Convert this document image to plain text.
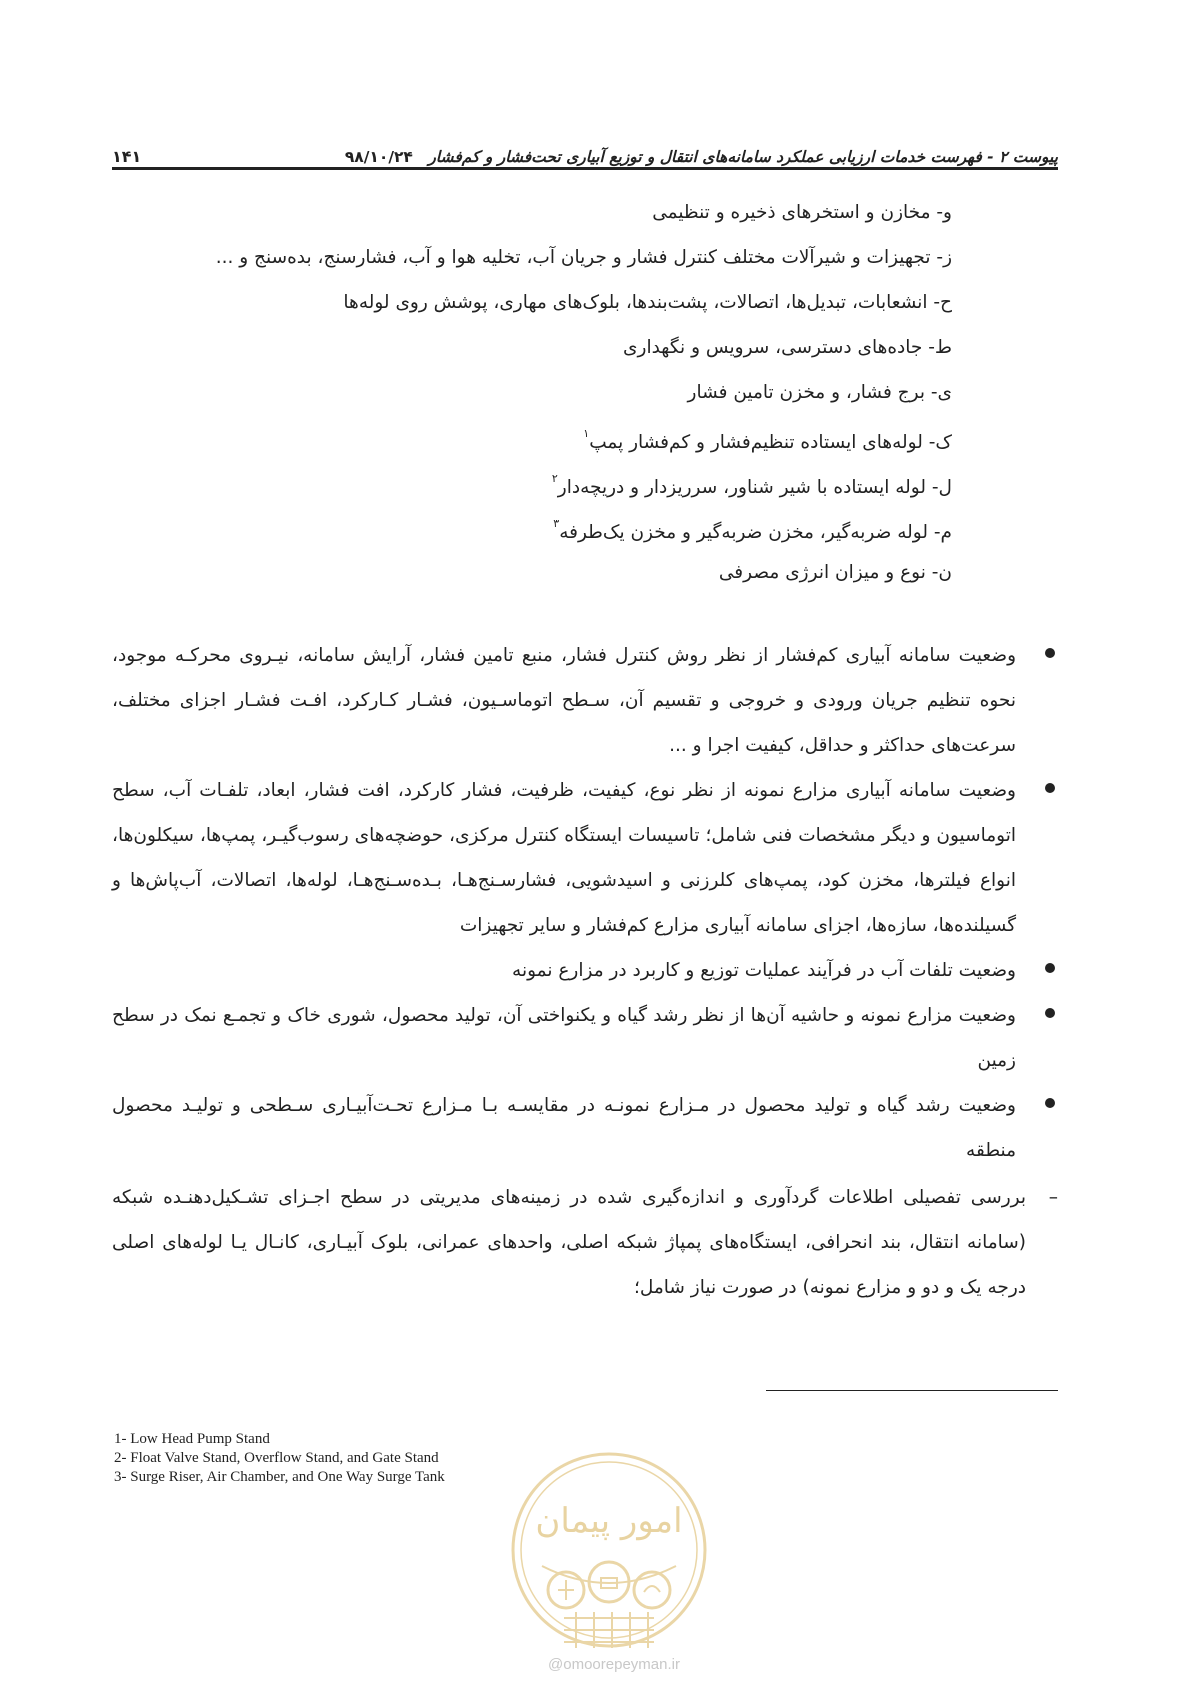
پیوست ۲ - فهرست خدمات ارزیابی عملکرد سامانه‌های انتقال و توزیع آبیاری تحت‌فشار و کم‌فشار ۹۸/۱۰/۲۴
۱۴۱
و- مخازن و استخرهای ذخیره و تنظیمی
ز- تجهیزات و شیرآلات مختلف کنترل فشار و جریان آب، تخلیه هوا و آب، فشارسنج، بده‌سنج و ...
ح- انشعابات، تبدیل‌ها، اتصالات، پشت‌بندها، بلوک‌های مهاری، پوشش روی لوله‌ها
ط- جاده‌های دسترسی، سرویس و نگهداری
ی- برج فشار، و مخزن تامین فشار
ک- لوله‌های ایستاده تنظیم‌فشار و کم‌فشار پمپ$^۱$
ل- لوله ایستاده با شیر شناور، سرریزدار و دریچه‌دار$^۲$
م- لوله ضربه‌گیر، مخزن ضربه‌گیر و مخزن یک‌طرفه$^۳$
ن- نوع و میزان انرژی مصرفی
وضعیت سامانه آبیاری کم‌فشار از نظر روش کنترل فشار، منبع تامین فشار، آرایش سامانه، نیـروی محرکـه موجود، نحوه تنظیم جریان ورودی و خروجی و تقسیم آن، سـطح اتوماسـیون، فشـار کـارکرد، افـت فشـار اجزای مختلف، سرعت‌های حداکثر و حداقل، کیفیت اجرا و ...
وضعیت سامانه آبیاری مزارع نمونه از نظر نوع، کیفیت، ظرفیت، فشار کارکرد، افت فشار، ابعاد، تلفـات آب، سطح اتوماسیون و دیگر مشخصات فنی شامل؛ تاسیسات ایستگاه کنترل مرکزی، حوضچه‌های رسوب‌گیـر، پمپ‌ها، سیکلون‌ها، انواع فیلترها، مخزن کود، پمپ‌های کلرزنی و اسیدشویی، فشارسـنج‌هـا، بـده‌سـنج‌هـا، لوله‌ها، اتصالات، آب‌پاش‌ها و گسیلنده‌ها، سازه‌ها، اجزای سامانه آبیاری مزارع کم‌فشار و سایر تجهیزات
وضعیت تلفات آب در فرآیند عملیات توزیع و کاربرد در مزارع نمونه
وضعیت مزارع نمونه و حاشیه آن‌ها از نظر رشد گیاه و یکنواختی آن، تولید محصول، شوری خاک و تجمـع نمک در سطح زمین
وضعیت رشد گیاه و تولید محصول در مـزارع نمونـه در مقایسـه بـا مـزارع تحـت‌آبیـاری سـطحی و تولیـد محصول منطقه
–
بررسی تفصیلی اطلاعات گردآوری و اندازه‌گیری شده در زمینه‌های مدیریتی در سطح اجـزای تشـکیل‌دهنـده شبکه (سامانه انتقال، بند انحرافی، ایستگاه‌های پمپاژ شبکه اصلی، واحدهای عمرانی، بلوک آبیـاری، کانـال یـا لوله‌های اصلی درجه یک و دو و مزارع نمونه) در صورت نیاز شامل؛
1- Low Head Pump Stand
2- Float Valve Stand, Overflow Stand, and Gate Stand
3- Surge Riser, Air Chamber, and One Way Surge Tank
امور پیمان
@omoorepeyman.ir
